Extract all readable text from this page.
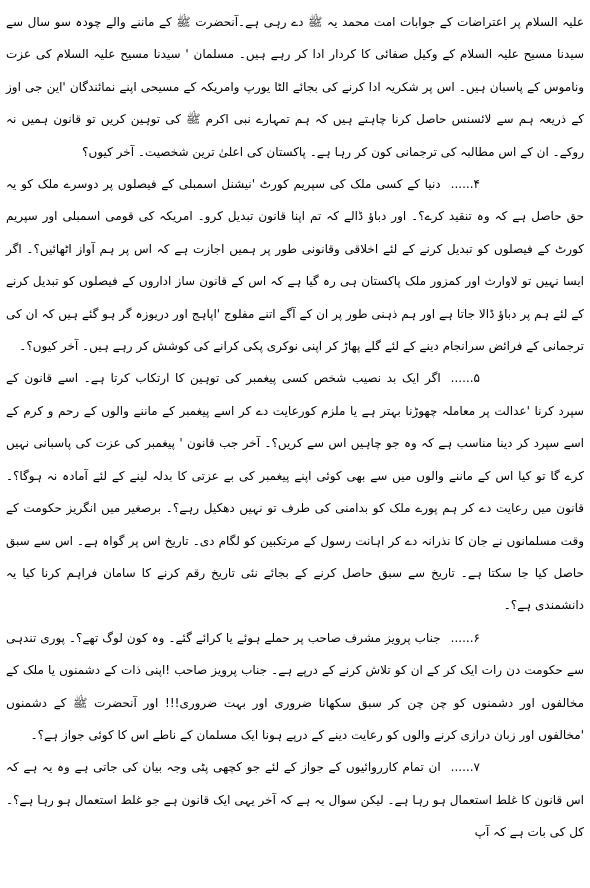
علیہ السلام پر اعتراضات کے جوابات امت محمد یہ ﷺ دے رہی ہے۔آنحضرت ﷺ کے ماننے والے چودہ سو سال سے سیدنا مسیح علیہ السلام کے وکیل صفائی کا کردار ادا کر رہے ہیں۔ مسلمان ' سیدنا مسیح علیہ السلام کی عزت وناموس کے پاسبان ہیں۔ اس پر شکریہ ادا کرنے کی بجائے الٹا یورپ وامریکہ کے مسیحی اپنے نمائندگان 'این جی اوز کے ذریعہ ہم سے لائسنس حاصل کرنا چاہتے ہیں کہ ہم تمہارے نبی اکرم ﷺ کی توہین کریں تو قانون ہمیں نہ روکے۔ ان کے اس مطالبہ کی ترجمانی کون کر رہا ہے۔ پاکستان کی اعلیٰ ترین شخصیت۔ آخر کیوں؟

۴......دنیا کے کسی ملک کی سپریم کورٹ 'نیشنل اسمبلی کے فیصلوں پر دوسرے ملک کو یہ حق حاصل ہے کہ وہ تنقید کرے؟۔ اور دباؤ ڈالے کہ تم اپنا قانون تبدیل کرو۔ امریکہ کی قومی اسمبلی اور سپریم کورٹ کے فیصلوں کو تبدیل کرنے کے لئے اخلاقی وقانونی طور پر ہمیں اجازت ہے کہ اس پر ہم آواز اٹھائیں؟۔ اگر ایسا نہیں تو لاوارث اور کمزور ملک پاکستان ہی رہ گیا ہے کہ اس کے قانون ساز اداروں کے فیصلوں کو تبدیل کرنے کے لئے ہم پر دباؤ ڈالا جاتا ہے اور ہم ذہنی طور پر ان کے آگے اتنے مفلوج 'اپاہج اور دریوزہ گر ہو گئے ہیں کہ ان کی ترجمانی کے فرائض سرانجام دینے کے لئے گلے پھاڑ کر اپنی نوکری پکی کرانے کی کوشش کر رہے ہیں۔ آخر کیوں؟۔

۵......اگر ایک بد نصیب شخص کسی پیغمبر کی توہین کا ارتکاب کرتا ہے۔ اسے قانون کے سپرد کرنا 'عدالت پر معاملہ چھوڑنا بہتر ہے یا ملزم کورعایت دے کر اسے پیغمبر کے ماننے والوں کے رحم و کرم کے اسے سپرد کر دینا مناسب ہے کہ وہ جو چاہیں اس سے کریں؟۔ آخر جب قانون ' پیغمبر کی عزت کی پاسبانی نہیں کرے گا تو کیا اس کے ماننے والوں میں سے بھی کوئی اپنے پیغمبر کی بے عزتی کا بدلہ لینے کے لئے آمادہ نہ ہوگا؟۔ قانون میں رعایت دے کر ہم پورے ملک کو بدامنی کی طرف تو نہیں دھکیل رہے؟۔ برصغیر میں انگریز حکومت کے وقت مسلمانوں نے جان کا نذرانہ دے کر اہانت رسول کے مرتکبین کو لگام دی۔ تاریخ اس پر گواہ ہے۔ اس سے سبق حاصل کیا جا سکتا ہے۔ تاریخ سے سبق حاصل کرنے کے بجائے نئی تاریخ رقم کرنے کا سامان فراہم کرنا کیا یہ دانشمندی ہے؟۔

۶......جناب پرویز مشرف صاحب پر حملے ہوئے یا کرائے گئے۔ وہ کون لوگ تھے؟۔ پوری تندہی سے حکومت دن رات ایک کر کے ان کو تلاش کرنے کے درپے ہے۔ جناب پرویز صاحب !اپنی ذات کے دشمنوں یا ملک کے مخالفوں اور دشمنوں کو چن چن کر سبق سکھانا ضروری اور بہت ضروری!!! اور آنحضرت ﷺ کے دشمنوں 'مخالفوں اور زبان درازی کرنے والوں کو رعایت دینے کے درپے ہونا ایک مسلمان کے ناطے اس کا کوئی جواز ہے؟۔

۷......ان تمام کارروائیوں کے جواز کے لئے جو کچھی پٹی وجہ بیان کی جاتی ہے وہ یہ ہے کہ اس قانون کا غلط استعمال ہو رہا ہے۔ لیکن سوال یہ ہے کہ آخر یہی ایک قانون ہے جو غلط استعمال ہو رہا ہے؟۔ کل کی بات ہے کہ آپ
